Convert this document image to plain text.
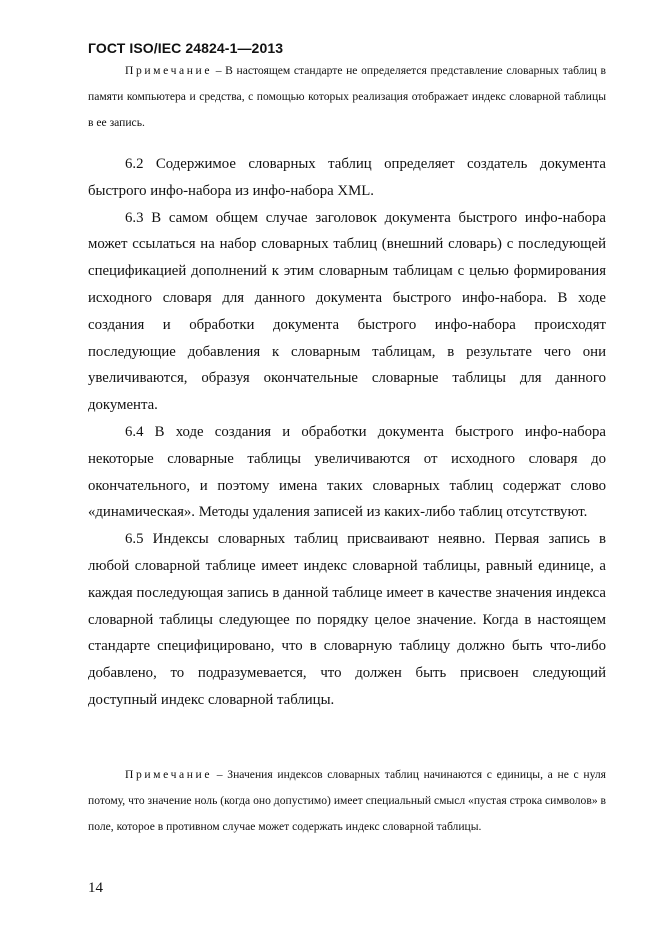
ГОСТ ISO/IEC 24824-1—2013
Примечание – В настоящем стандарте не определяется представление словарных таблиц в памяти компьютера и средства, с помощью которых реализация отображает индекс словарной таблицы в ее запись.

6.2 Содержимое словарных таблиц определяет создатель документа быстрого инфо-набора из инфо-набора XML.

6.3 В самом общем случае заголовок документа быстрого инфо-набора может ссылаться на набор словарных таблиц (внешний словарь) с последующей спецификацией дополнений к этим словарным таблицам с целью формирования исходного словаря для данного документа быстрого инфо-набора. В ходе создания и обработки документа быстрого инфо-набора происходят последующие добавления к словарным таблицам, в результате чего они увеличиваются, образуя окончательные словарные таблицы для данного документа.

6.4 В ходе создания и обработки документа быстрого инфо-набора некоторые словарные таблицы увеличиваются от исходного словаря до окончательного, и поэтому имена таких словарных таблиц содержат слово «динамическая». Методы удаления записей из каких-либо таблиц отсутствуют.

6.5 Индексы словарных таблиц присваивают неявно. Первая запись в любой словарной таблице имеет индекс словарной таблицы, равный единице, а каждая последующая запись в данной таблице имеет в качестве значения индекса словарной таблицы следующее по порядку целое значение. Когда в настоящем стандарте специфицировано, что в словарную таблицу должно быть что-либо добавлено, то подразумевается, что должен быть присвоен следующий доступный индекс словарной таблицы.

Примечание – Значения индексов словарных таблиц начинаются с единицы, а не с нуля потому, что значение ноль (когда оно допустимо) имеет специальный смысл «пустая строка символов» в поле, которое в противном случае может содержать индекс словарной таблицы.
14
